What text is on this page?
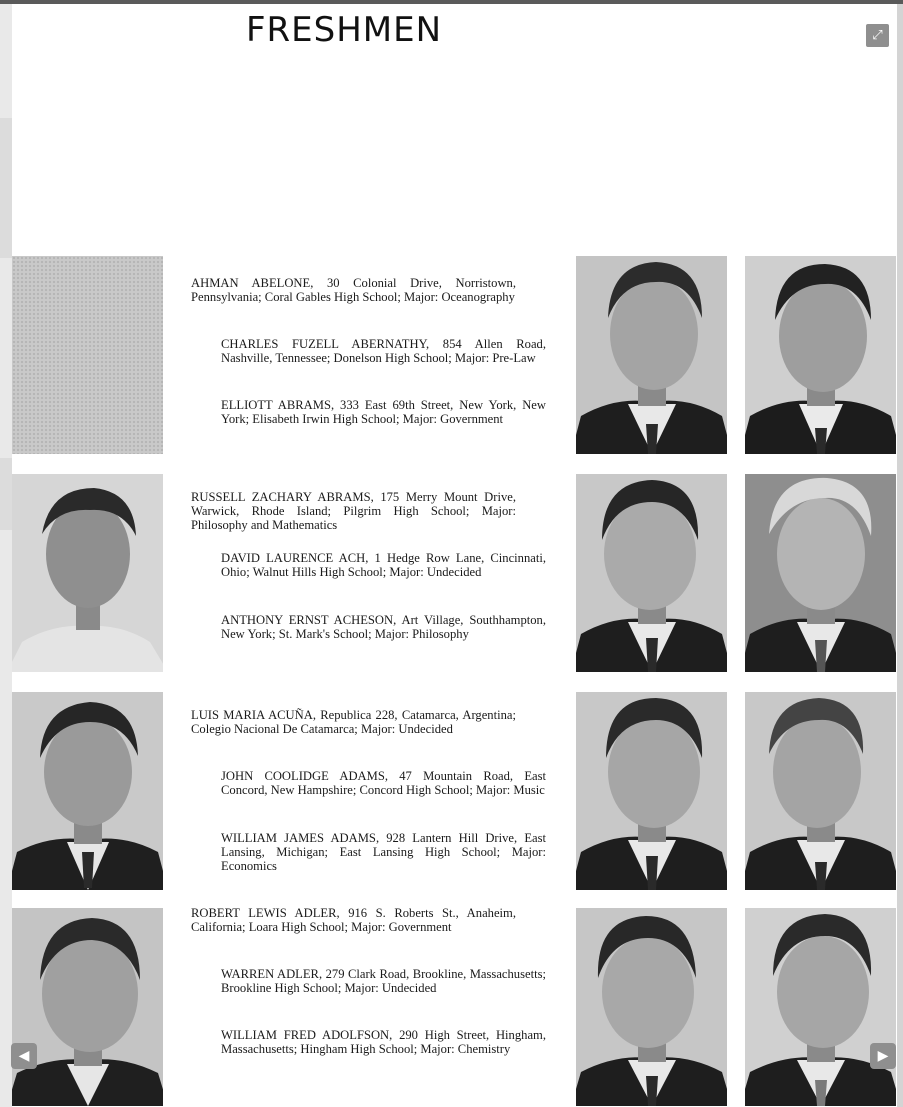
FRESHMEN	⤢

AHMAN ABELONE, 30 Colonial Drive, Norristown, Pennsylvania; Coral Gables High School; Major: Oceanography

CHARLES FUZELL ABERNATHY, 854 Allen Road, Nashville, Tennessee; Donelson High School; Major: Pre-Law

ELLIOTT ABRAMS, 333 East 69th Street, New York, New York; Elisabeth Irwin High School; Major: Government

RUSSELL ZACHARY ABRAMS, 175 Merry Mount Drive, Warwick, Rhode Island; Pilgrim High School; Major: Philosophy and Mathematics

DAVID LAURENCE ACH, 1 Hedge Row Lane, Cincinnati, Ohio; Walnut Hills High School; Major: Undecided

ANTHONY ERNST ACHESON, Art Village, Southhampton, New York; St. Mark's School; Major: Philosophy

LUIS MARIA ACUÑA, Republica 228, Catamarca, Argentina; Colegio Nacional De Catamarca; Major: Undecided

JOHN COOLIDGE ADAMS, 47 Mountain Road, East Concord, New Hampshire; Concord High School; Major: Music

WILLIAM JAMES ADAMS, 928 Lantern Hill Drive, East Lansing, Michigan; East Lansing High School; Major: Economics

ROBERT LEWIS ADLER, 916 S. Roberts St., Anaheim, California; Loara High School; Major: Government

WARREN ADLER, 279 Clark Road, Brookline, Massachusetts; Brookline High School; Major: Undecided

WILLIAM FRED ADOLFSON, 290 High Street, Hingham, Massachusetts; Hingham High School; Major: Chemistry

◀	▶
